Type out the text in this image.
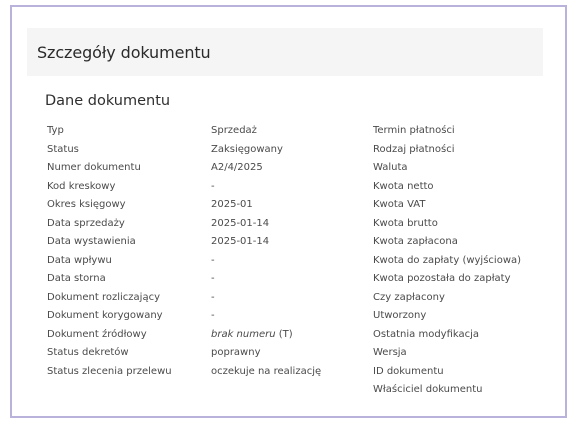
Szczegóły dokumentu
Dane dokumentu
Typ
Status
Numer dokumentu
Kod kreskowy
Okres księgowy
Data sprzedaży
Data wystawienia
Data wpływu
Data storna
Dokument rozliczający
Dokument korygowany
Dokument źródłowy
Status dekretów
Status zlecenia przelewu
Sprzedaż
Zaksięgowany
A2/4/2025
-
2025-01
2025-01-14
2025-01-14
-
-
-
-
brak numeru (T)
poprawny
oczekuje na realizację
Termin płatności
Rodzaj płatności
Waluta
Kwota netto
Kwota VAT
Kwota brutto
Kwota zapłacona
Kwota do zapłaty (wyjściowa)
Kwota pozostała do zapłaty
Czy zapłacony
Utworzony
Ostatnia modyfikacja
Wersja
ID dokumentu
Właściciel dokumentu
